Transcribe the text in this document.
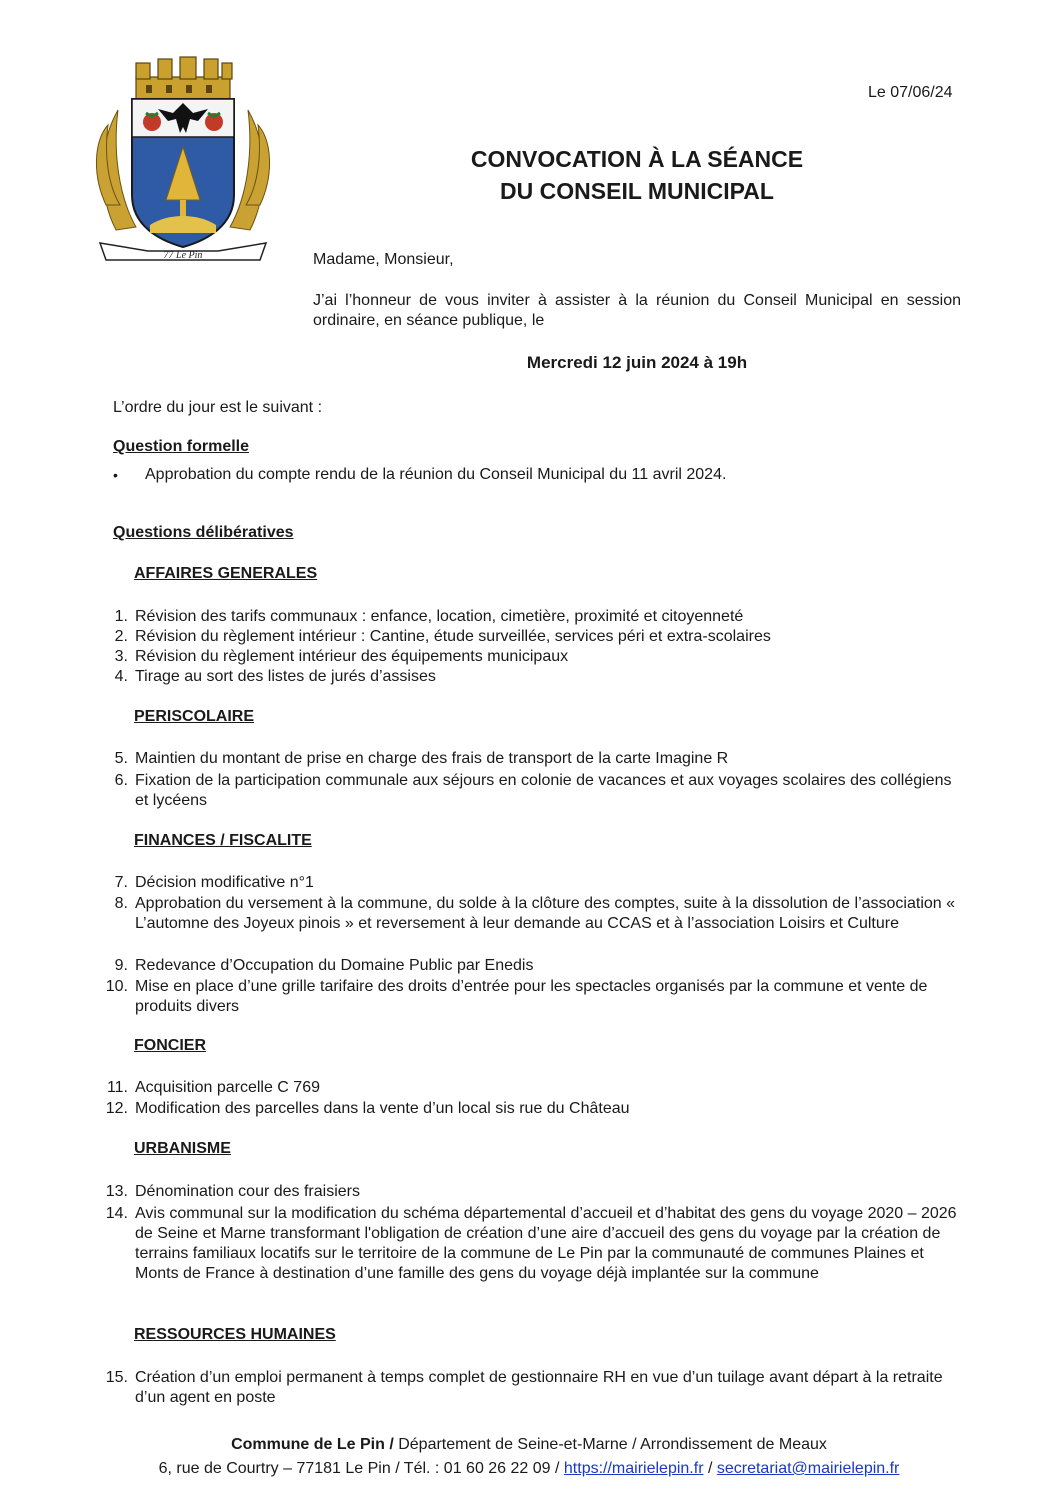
77 Le Pin
Le 07/06/24
CONVOCATION À LA SÉANCE
DU CONSEIL MUNICIPAL
Madame, Monsieur,
J’ai l’honneur de vous inviter à assister à la réunion du Conseil Municipal en session ordinaire, en séance publique, le
Mercredi 12 juin 2024 à 19h
L’ordre du jour est le suivant :
Question formelle
• Approbation du compte rendu de la réunion du Conseil Municipal du 11 avril 2024.
Questions délibératives
AFFAIRES GENERALES
1. Révision des tarifs communaux : enfance, location, cimetière, proximité et citoyenneté
2. Révision du règlement intérieur : Cantine, étude surveillée, services péri et extra-scolaires
3. Révision du règlement intérieur des équipements municipaux
4. Tirage au sort des listes de jurés d’assises
PERISCOLAIRE
5. Maintien du montant de prise en charge des frais de transport de la carte Imagine R
6. Fixation de la participation communale aux séjours en colonie de vacances et aux voyages scolaires des collégiens et lycéens
FINANCES / FISCALITE
7. Décision modificative n°1
8. Approbation du versement à la commune, du solde à la clôture des comptes, suite à la dissolution de l’association « L’automne des Joyeux pinois » et reversement à leur demande au CCAS et à l’association Loisirs et Culture
9. Redevance d’Occupation du Domaine Public par Enedis
10. Mise en place d’une grille tarifaire des droits d’entrée pour les spectacles organisés par la commune et vente de produits divers
FONCIER
11. Acquisition parcelle C 769
12. Modification des parcelles dans la vente d’un local sis rue du Château
URBANISME
13. Dénomination cour des fraisiers
14. Avis communal sur la modification du schéma départemental d’accueil et d’habitat des gens du voyage 2020 – 2026 de Seine et Marne transformant l'obligation de création d’une aire d’accueil des gens du voyage par la création de terrains familiaux locatifs sur le territoire de la commune de Le Pin par la communauté de communes Plaines et Monts de France à destination d’une famille des gens du voyage déjà implantée sur la commune
RESSOURCES HUMAINES
15. Création d’un emploi permanent à temps complet de gestionnaire RH en vue d’un tuilage avant départ à la retraite d’un agent en poste
Commune de Le Pin / Département de Seine-et-Marne / Arrondissement de Meaux
6, rue de Courtry – 77181 Le Pin / Tél. : 01 60 26 22 09 / https://mairielepin.fr / secretariat@mairielepin.fr
